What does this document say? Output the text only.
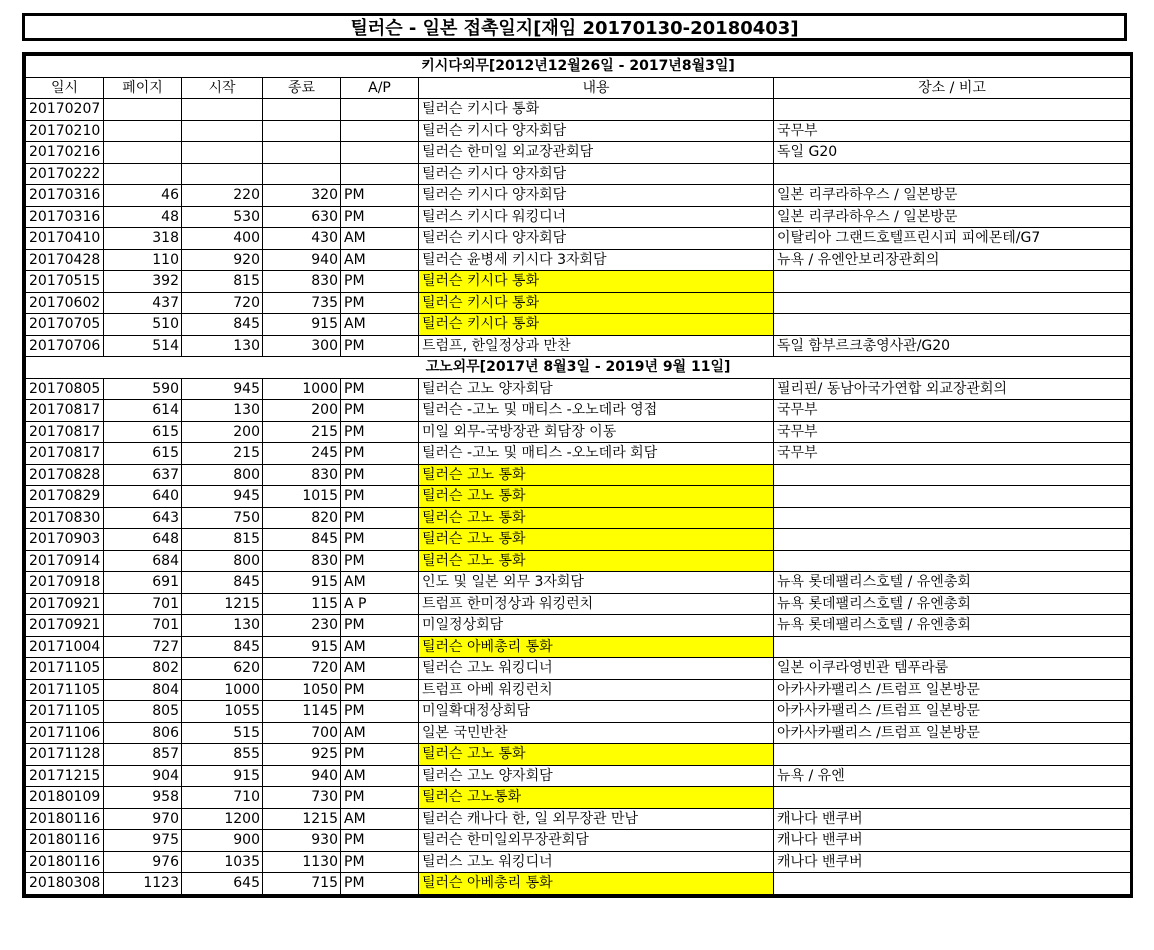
틸러슨 - 일본 접촉일지[재임 20170130-20180403]
키시다외무[2012년12월26일 - 2017년8월3일]						
일시	페이지	시작	종료	A/P	내용	장소 / 비고
20170207					틸러슨 키시다 통화	
20170210					틸러슨 키시다 양자회담	국무부
20170216					틸러슨 한미일 외교장관회담	독일 G20
20170222					틸러슨 키시다 양자회담	
20170316	46	220	320	PM	틸러슨 키시다 양자회담	일본 리쿠라하우스 / 일본방문
20170316	48	530	630	PM	틸러스 키시다 워킹디너	일본 리쿠라하우스 / 일본방문
20170410	318	400	430	AM	틸러슨 키시다 양자회담	이탈리아 그랜드호텔프린시피 피에몬테/G7
20170428	110	920	940	AM	틸러슨 윤병세 키시다 3자회담	뉴욕 / 유엔안보리장관회의
20170515	392	815	830	PM	틸러슨 키시다 통화	
20170602	437	720	735	PM	틸러슨 키시다 통화	
20170705	510	845	915	AM	틸러슨 키시다 통화	
20170706	514	130	300	PM	트럼프, 한일정상과 만찬	독일 함부르크총영사관/G20
고노외무[2017년 8월3일 - 2019년 9월 11일]						
20170805	590	945	1000	PM	틸러슨 고노 양자회담	필리핀/ 동남아국가연합 외교장관회의
20170817	614	130	200	PM	틸러슨 -고노 및 매티스 -오노데라 영접	국무부
20170817	615	200	215	PM	미일 외무-국방장관 회담장 이동	국무부
20170817	615	215	245	PM	틸러슨 -고노 및 매티스 -오노데라 회담	국무부
20170828	637	800	830	PM	틸러슨 고노 통화	
20170829	640	945	1015	PM	틸러슨 고노 통화	
20170830	643	750	820	PM	틸러슨 고노 통화	
20170903	648	815	845	PM	틸러슨 고노 통화	
20170914	684	800	830	PM	틸러슨 고노 통화	
20170918	691	845	915	AM	인도 및 일본 외무 3자회담	뉴욕 롯데팰리스호텔 / 유엔총회
20170921	701	1215	115	A P	트럼프 한미정상과 워킹런치	뉴욕 롯데팰리스호텔 / 유엔총회
20170921	701	130	230	PM	미일정상회담	뉴욕 롯데팰리스호텔 / 유엔총회
20171004	727	845	915	AM	틸러슨 아베총리 통화	
20171105	802	620	720	AM	틸러슨 고노 워킹디너	일본 이쿠라영빈관 템푸라룸
20171105	804	1000	1050	PM	트럼프 아베 워킹런치	아카사카팰리스 /트럼프 일본방문
20171105	805	1055	1145	PM	미일확대정상회담	아카사카팰리스 /트럼프 일본방문
20171106	806	515	700	AM	일본 국민반찬	아카사카팰리스 /트럼프 일본방문
20171128	857	855	925	PM	틸러슨 고노 통화	
20171215	904	915	940	AM	틸러슨 고노 양자회담	뉴욕 / 유엔
20180109	958	710	730	PM	틸러슨 고노통화	
20180116	970	1200	1215	AM	틸러슨 캐나다 한, 일 외무장관 만남	캐나다 밴쿠버
20180116	975	900	930	PM	틸러슨 한미일외무장관회담	캐나다 밴쿠버
20180116	976	1035	1130	PM	틸러스 고노 워킹디너	캐나다 밴쿠버
20180308	1123	645	715	PM	틸러슨 아베총리 통화	
